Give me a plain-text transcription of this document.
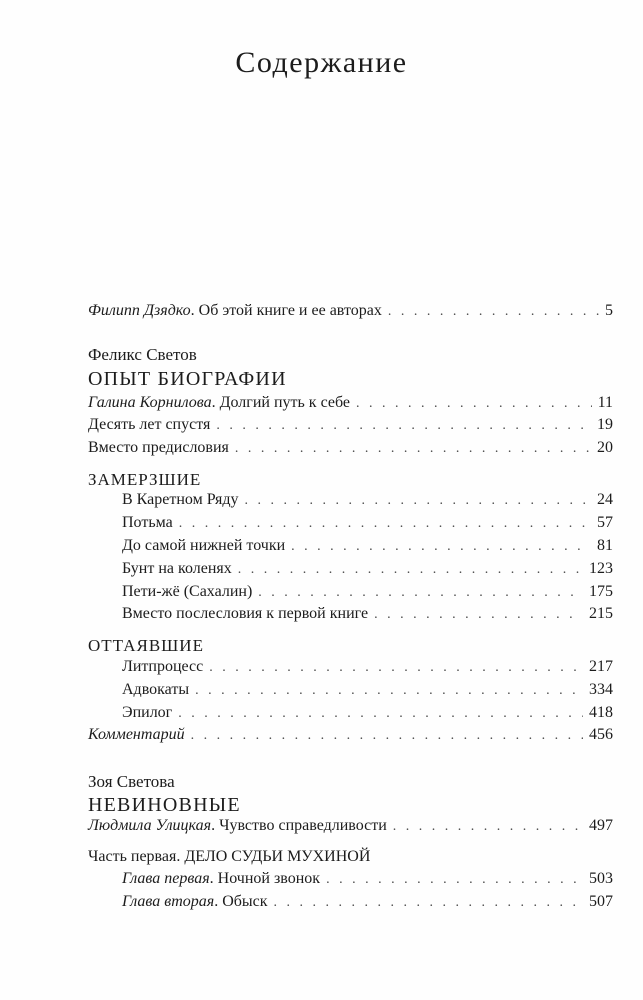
Содержание
Филипп Дзядко. Об этой книге и ее авторах . . .	5
Феликс Светов
ОПЫТ БИОГРАФИИ
Галина Корнилова. Долгий путь к себе . . .	11
Десять лет спустя . . .	19
Вместо предисловия . . .	20
ЗАМЕРЗШИЕ
В Каретном Ряду . . .	24
Потьма . . .	57
До самой нижней точки . . .	81
Бунт на коленях . . .	123
Пети-жё (Сахалин) . . .	175
Вместо послесловия к первой книге . . .	215
ОТТАЯВШИЕ
Литпроцесс . . .	217
Адвокаты . . .	334
Эпилог . . .	418
Комментарий . . .	456
Зоя Светова
НЕВИНОВНЫЕ
Людмила Улицкая. Чувство справедливости . . .	497
Часть первая. ДЕЛО СУДЬИ МУХИНОЙ
Глава первая. Ночной звонок . . .	503
Глава вторая. Обыск . . .	507
